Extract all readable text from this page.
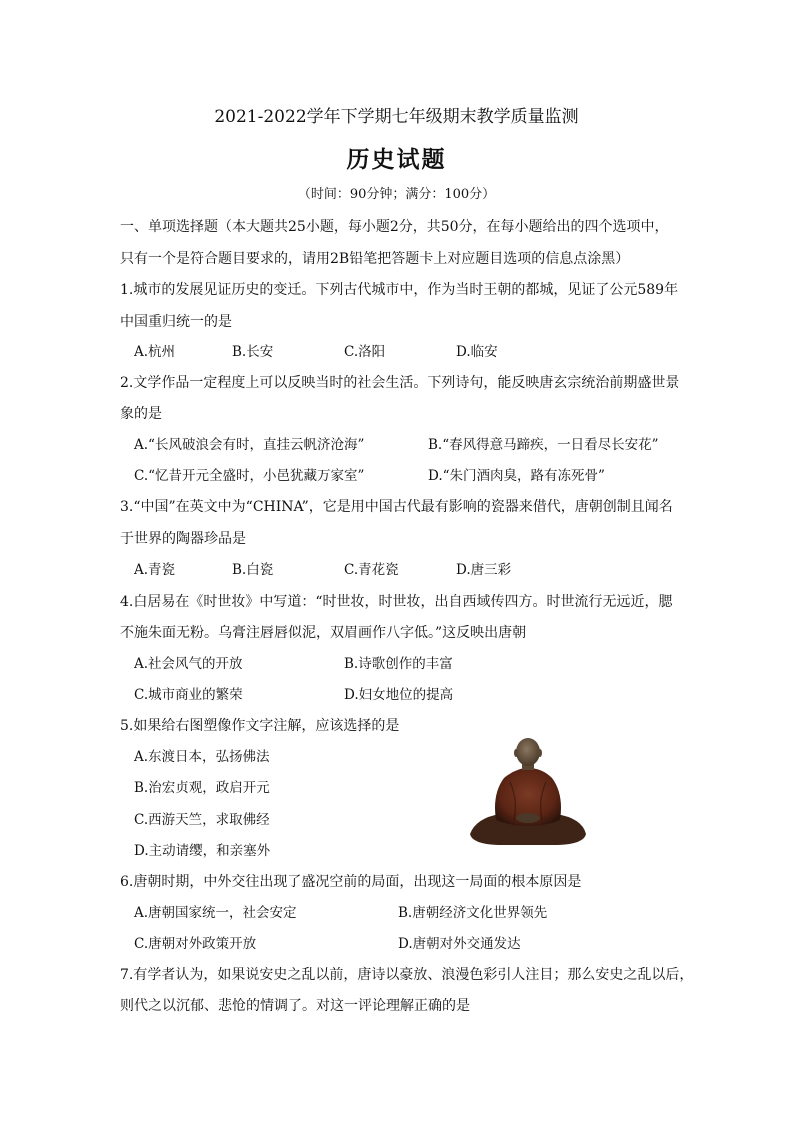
2021-2022学年下学期七年级期末教学质量监测
历史试题
（时间：90分钟；满分：100分）
一、单项选择题（本大题共25小题，每小题2分，共50分，在每小题给出的四个选项中，
只有一个是符合题目要求的，请用2B铅笔把答题卡上对应题目选项的信息点涂黑）
1.城市的发展见证历史的变迁。下列古代城市中，作为当时王朝的都城，见证了公元589年
中国重归统一的是
A.杭州	B.长安	C.洛阳	D.临安
2.文学作品一定程度上可以反映当时的社会生活。下列诗句，能反映唐玄宗统治前期盛世景
象的是
A.“长风破浪会有时，直挂云帆济沧海”	B.“春风得意马蹄疾，一日看尽长安花”
C.“忆昔开元全盛时，小邑犹藏万家室”	D.“朱门酒肉臭，路有冻死骨”
3.“中国”在英文中为“CHINA”，它是用中国古代最有影响的瓷器来借代，唐朝创制且闻名
于世界的陶器珍品是
A.青瓷	B.白瓷	C.青花瓷	D.唐三彩
4.白居易在《时世妆》中写道：“时世妆，时世妆，出自西域传四方。时世流行无远近，腮
不施朱面无粉。乌膏注唇唇似泥，双眉画作八字低。”这反映出唐朝
A.社会风气的开放	B.诗歌创作的丰富
C.城市商业的繁荣	D.妇女地位的提高
5.如果给右图塑像作文字注解，应该选择的是
A.东渡日本，弘扬佛法
B.治宏贞观，政启开元
C.西游天竺，求取佛经
D.主动请缨，和亲塞外
6.唐朝时期，中外交往出现了盛况空前的局面，出现这一局面的根本原因是
A.唐朝国家统一，社会安定	B.唐朝经济文化世界领先
C.唐朝对外政策开放	D.唐朝对外交通发达
7.有学者认为，如果说安史之乱以前，唐诗以豪放、浪漫色彩引人注目；那么安史之乱以后，
则代之以沉郁、悲怆的情调了。对这一评论理解正确的是
